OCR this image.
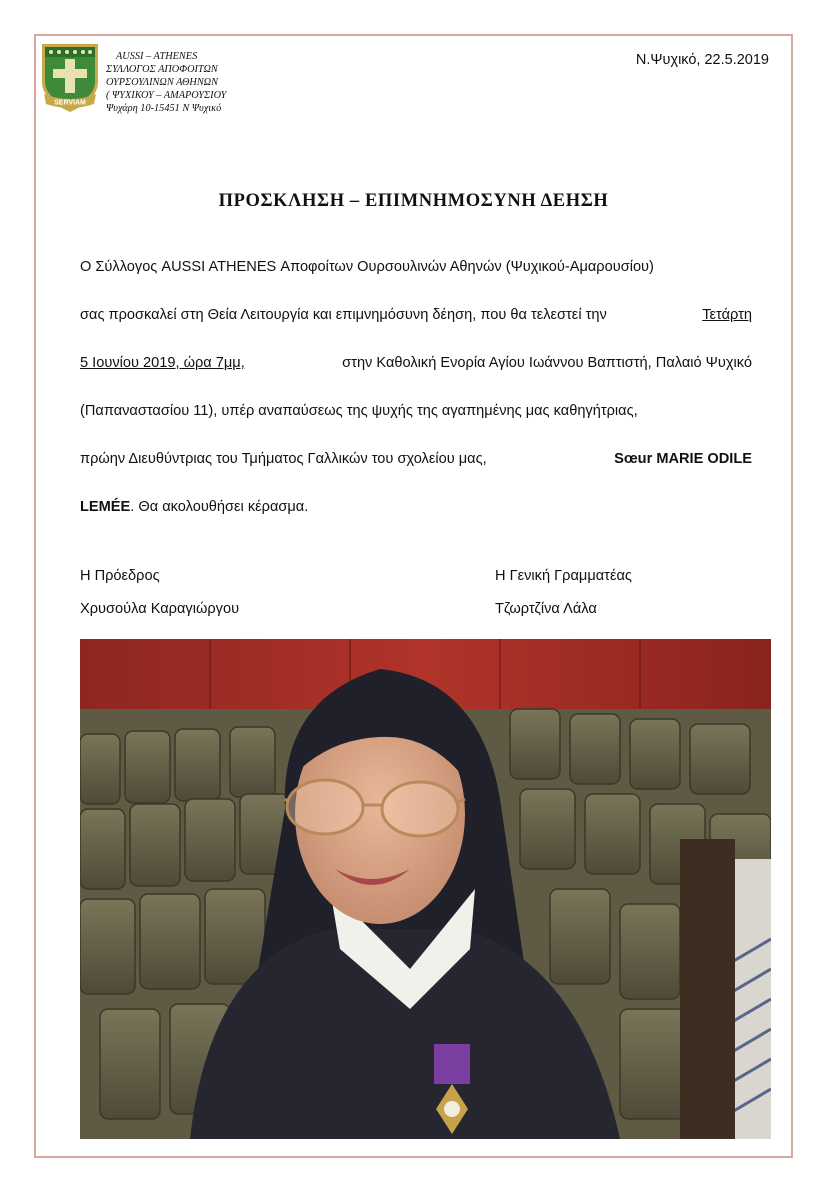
SERVIAM
AUSSI – ATHENES
ΣΥΛΛΟΓΟΣ ΑΠΟΦΟΙΤΩΝ
ΟΥΡΣΟΥΛΙΝΩΝ ΑΘΗΝΩΝ
( ΨΥΧΙΚΟΥ – ΑΜΑΡΟΥΣΙΟΥ
Ψυχάρη 10-15451 Ν Ψυχικό
Ν.Ψυχικό, 22.5.2019
ΠΡΟΣΚΛΗΣΗ – ΕΠΙΜΝΗΜΟΣΥΝΗ ΔΕΗΣΗ
Ο Σύλλογος AUSSI ATHENES Αποφοίτων Ουρσουλινών Αθηνών (Ψυχικού-Αμαρουσίου)
σας προσκαλεί στη Θεία Λειτουργία και επιμνημόσυνη δέηση, που θα τελεστεί την	Τετάρτη
5 Ιουνίου 2019, ώρα 7μμ,	στην Καθολική Ενορία Αγίου Ιωάννου Βαπτιστή, Παλαιό Ψυχικό
(Παπαναστασίου 11), υπέρ αναπαύσεως της ψυχής της αγαπημένης μας καθηγήτριας,
πρώην Διευθύντριας του Τμήματος Γαλλικών του σχολείου μας,	Sœur MARIE ODILE
LEMÉE. Θα ακολουθήσει κέρασμα.
Η Πρόεδρος
Χρυσούλα Καραγιώργου
Η Γενική Γραμματέας
Τζωρτζίνα Λάλα
